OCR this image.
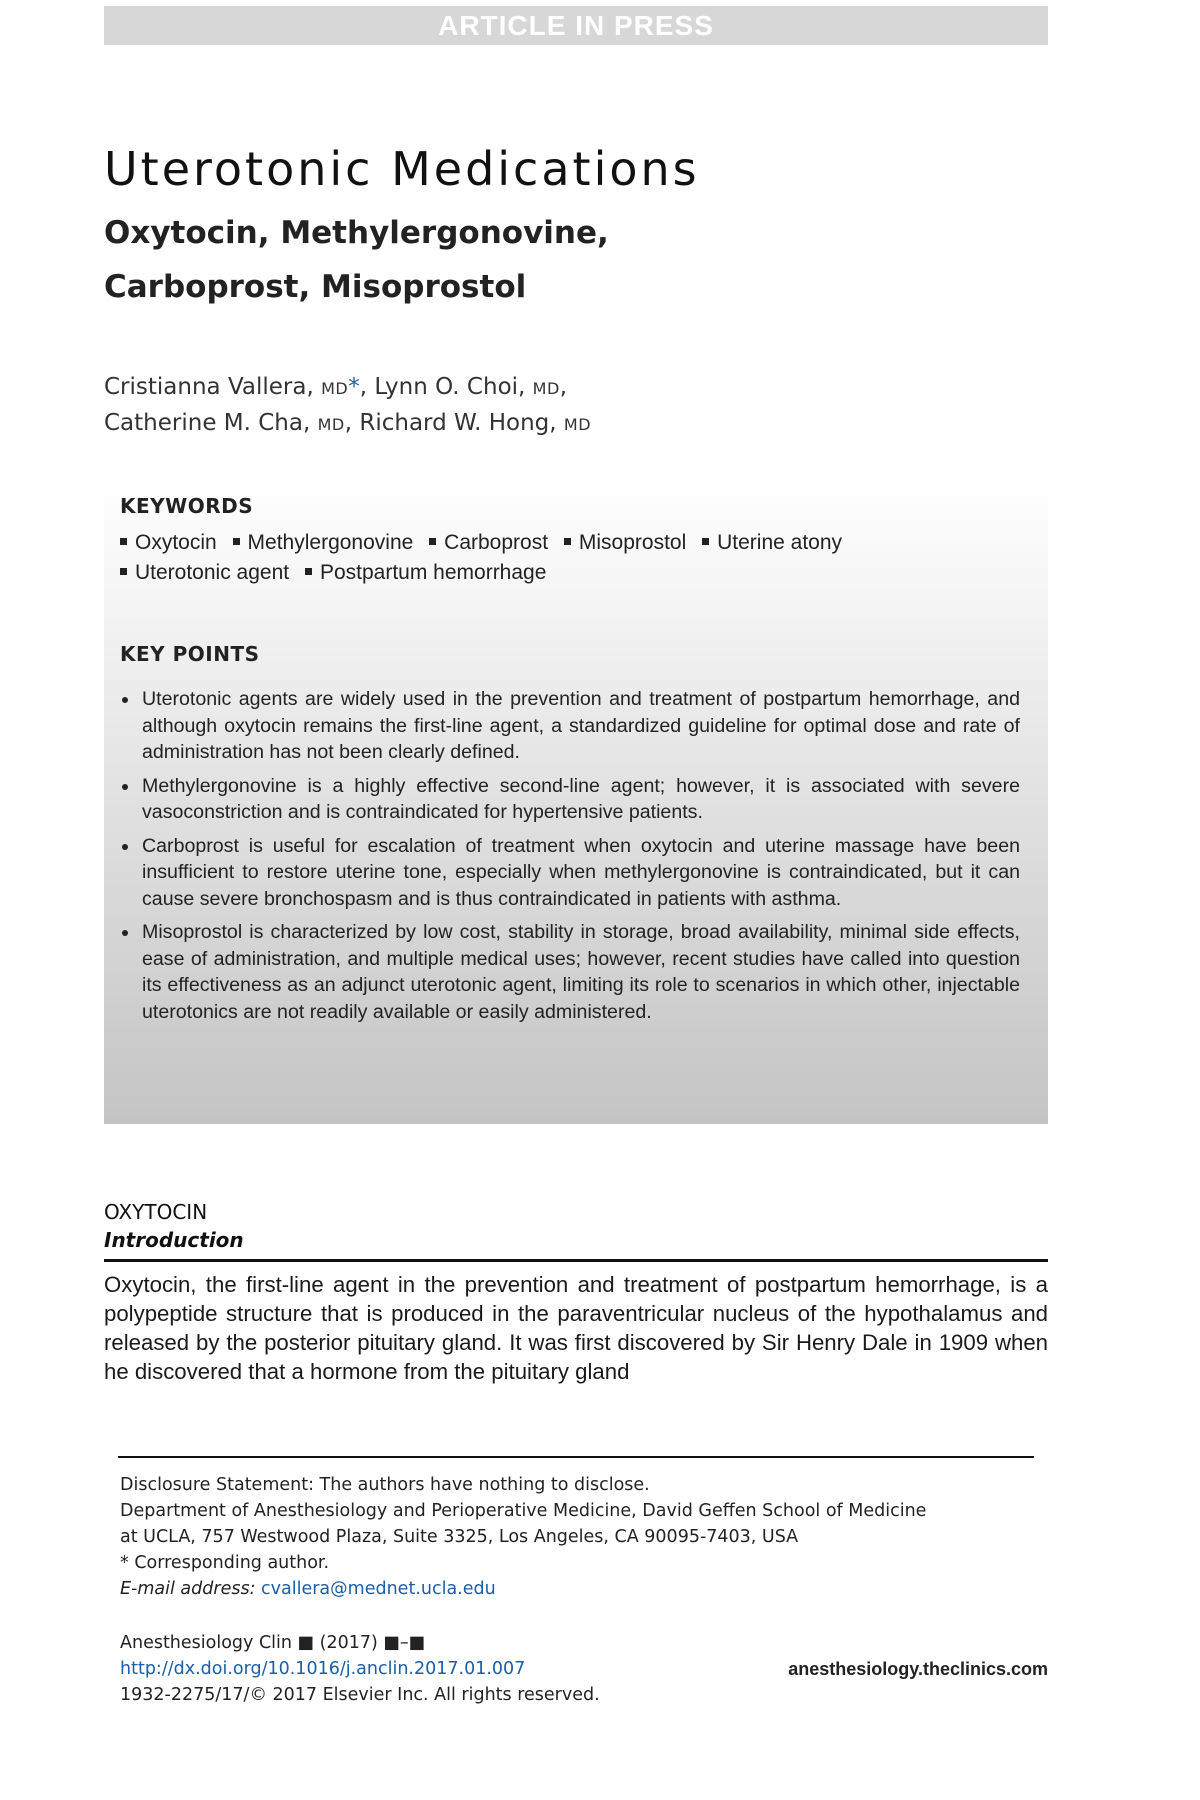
ARTICLE IN PRESS
Uterotonic Medications
Oxytocin, Methylergonovine,
Carboprost, Misoprostol
Cristianna Vallera, MD*, Lynn O. Choi, MD,
Catherine M. Cha, MD, Richard W. Hong, MD
KEYWORDS
Oxytocin Methylergonovine Carboprost Misoprostol Uterine atony
Uterotonic agent Postpartum hemorrhage
KEY POINTS
Uterotonic agents are widely used in the prevention and treatment of postpartum hemorrhage, and although oxytocin remains the first-line agent, a standardized guideline for optimal dose and rate of administration has not been clearly defined.
Methylergonovine is a highly effective second-line agent; however, it is associated with severe vasoconstriction and is contraindicated for hypertensive patients.
Carboprost is useful for escalation of treatment when oxytocin and uterine massage have been insufficient to restore uterine tone, especially when methylergonovine is contraindicated, but it can cause severe bronchospasm and is thus contraindicated in patients with asthma.
Misoprostol is characterized by low cost, stability in storage, broad availability, minimal side effects, ease of administration, and multiple medical uses; however, recent studies have called into question its effectiveness as an adjunct uterotonic agent, limiting its role to scenarios in which other, injectable uterotonics are not readily available or easily administered.
OXYTOCIN
Introduction

Oxytocin, the first-line agent in the prevention and treatment of postpartum hemorrhage, is a polypeptide structure that is produced in the paraventricular nucleus of the hypothalamus and released by the posterior pituitary gland. It was first discovered by Sir Henry Dale in 1909 when he discovered that a hormone from the pituitary gland

Disclosure Statement: The authors have nothing to disclose.

Department of Anesthesiology and Perioperative Medicine, David Geffen School of Medicine

at UCLA, 757 Westwood Plaza, Suite 3325, Los Angeles, CA 90095-7403, USA

* Corresponding author.

E-mail address: cvallera@mednet.ucla.edu

Anesthesiology Clin ■ (2017) ■–■

http://dx.doi.org/10.1016/j.anclin.2017.01.007

1932-2275/17/© 2017 Elsevier Inc. All rights reserved.

anesthesiology.theclinics.com
